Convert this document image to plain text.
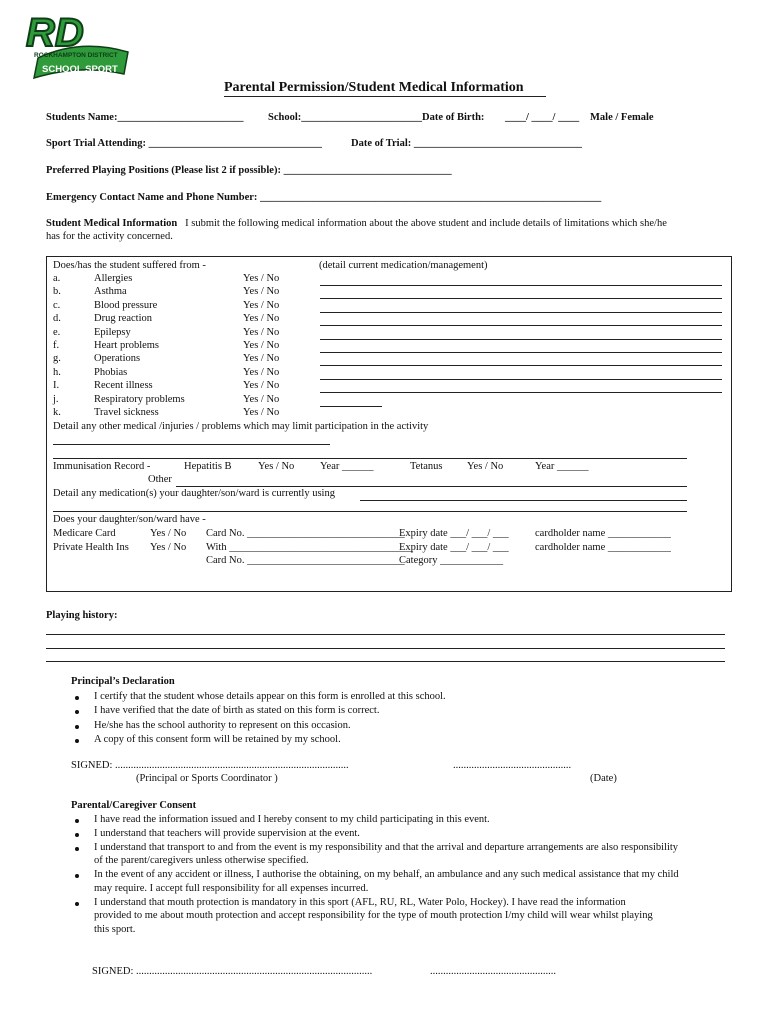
RD
ROCKHAMPTON DISTRICT
SCHOOL SPORT
Parental Permission/Student Medical Information
Students Name:________________________ School:_______________________Date of Birth: ____/ ____/ ____ Male / Female
Sport Trial Attending: _________________________________	Date of Trial: ________________________________
Preferred Playing Positions (Please list 2 if possible): ________________________________
Emergency Contact Name and Phone Number: _________________________________________________________________
Student Medical Information I submit the following medical information about the above student and include details of limitations which she/he
has for the activity concerned.
Does/has the student suffered from -	(detail current medication/management)
a.	Allergies	Yes / No
b.	Asthma	Yes / No
c.	Blood pressure	Yes / No
d.	Drug reaction	Yes / No
e.	Epilepsy	Yes / No
f.	Heart problems	Yes / No
g.	Operations	Yes / No
h.	Phobias	Yes / No
I.	Recent illness	Yes / No
j.	Respiratory problems	Yes / No
k.	Travel sickness	Yes / No
Detail any other medical /injuries / problems which may limit participation in the activity
Immunisation Record -	Hepatitis B	Yes / No Year ______	Tetanus Yes / No	Year ______
Other
Detail any medication(s) your daughter/son/ward is currently using
Does your daughter/son/ward have -
Medicare Card	Yes / No Card No. ______________________________
Expiry date ___/ ___/ ___	cardholder name ____________
Private Health Ins Yes / No With ___________________________________
Expiry date ___/ ___/ ___	cardholder name ____________
Card No. ______________________________
Category ____________
Playing history:
Principal’s Declaration
I certify that the student whose details appear on this form is enrolled at this school.
I have verified that the date of birth as stated on this form is correct.
He/she has the school authority to represent on this occasion.
A copy of this consent form will be retained by my school.
SIGNED: .........................................................................................	.............................................
(Principal or Sports Coordinator )	(Date)
Parental/Caregiver Consent
I have read the information issued and I hereby consent to my child participating in this event.
I understand that teachers will provide supervision at the event.
I understand that transport to and from the event is my responsibility and that the arrival and departure arrangements are also responsibility
of the parent/caregivers unless otherwise specified.
In the event of any accident or illness, I authorise the obtaining, on my behalf, an ambulance and any such medical assistance that my child
may require. I accept full responsibility for all expenses incurred.
I understand that mouth protection is mandatory in this sport (AFL, RU, RL, Water Polo, Hockey). I have read the information
provided to me about mouth protection and accept responsibility for the type of mouth protection I/my child will wear whilst playing
this sport.
SIGNED: ..........................................................................................	................................................
